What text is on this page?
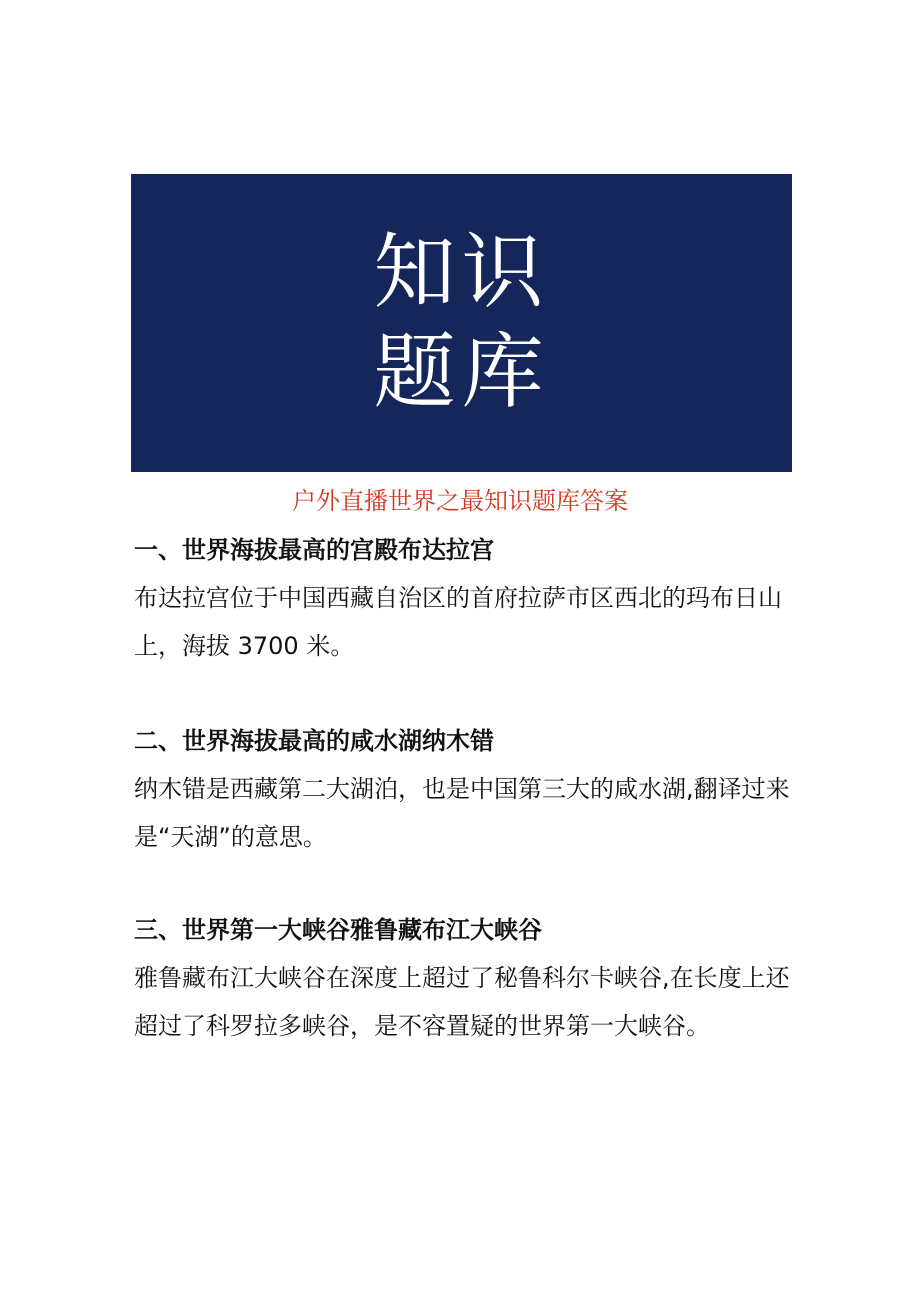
知识
题库
户外直播世界之最知识题库答案
一、世界海拔最高的宫殿布达拉宫

布达拉宫位于中国西藏自治区的首府拉萨市区西北的玛布日山上，海拔 3700 米。

二、世界海拔最高的咸水湖纳木错

纳木错是西藏第二大湖泊，也是中国第三大的咸水湖,翻译过来是“天湖”的意思。

三、世界第一大峡谷雅鲁藏布江大峡谷

雅鲁藏布江大峡谷在深度上超过了秘鲁科尔卡峡谷,在长度上还超过了科罗拉多峡谷，是不容置疑的世界第一大峡谷。
